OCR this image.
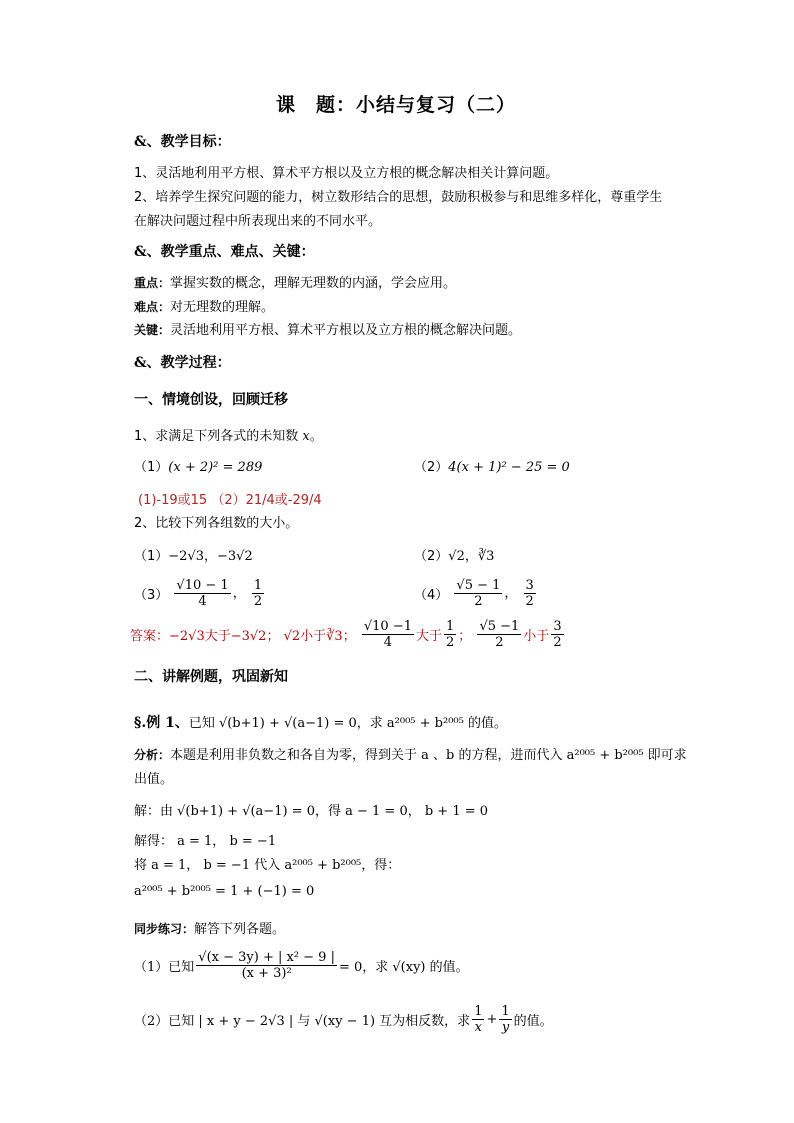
课　题：小结与复习（二）
&、教学目标：
1、灵活地利用平方根、算术平方根以及立方根的概念解决相关计算问题。
2、培养学生探究问题的能力，树立数形结合的思想，鼓励积极参与和思维多样化，尊重学生
在解决问题过程中所表现出来的不同水平。
&、教学重点、难点、关键：
重点：掌握实数的概念，理解无理数的内涵，学会应用。
难点：对无理数的理解。
关键：灵活地利用平方根、算术平方根以及立方根的概念解决问题。
&、教学过程：
一、情境创设，回顾迁移
1、求满足下列各式的未知数 x。
（1）(x + 2)² = 289	（2）4(x + 1)² − 25 = 0
(1)-19或15 （2）21/4或-29/4
2、比较下列各组数的大小。
（1）−2√3，−3√2	（2）√2，∛3
$(3) \frac{√10 - 1}{4}$ ， $\frac{1}{2}$	$(4) \frac{√5 - 1}{2}$ ， $\frac{3}{2}$
答案：−2√3大于−3√2； √2小于∛3； $\frac{√10 -1}{4}$ 大于 $\frac{1}{2}$ ； $\frac{√5 -1}{2}$ 小于 $\frac{3}{2}$
二、讲解例题，巩固新知
§.例 1、已知 √(b+1) + √(a−1) = 0，求 a²⁰⁰⁵ + b²⁰⁰⁵ 的值。
分析：本题是利用非负数之和各自为零，得到关于 a 、b 的方程，进而代入 a²⁰⁰⁵ + b²⁰⁰⁵ 即可求
出值。
解：由 √(b+1) + √(a−1) = 0，得 a − 1 = 0， b + 1 = 0
解得： a = 1， b = −1
将 a = 1， b = −1 代入 a²⁰⁰⁵ + b²⁰⁰⁵，得：
a²⁰⁰⁵ + b²⁰⁰⁵ = 1 + (−1) = 0
同步练习：解答下列各题。
（1）已知 $\frac{\text{√(x − 3y) + | x² − 9 |}}{\text{(x + 3)²}} = 0$，求 √(xy) 的值。
（2）已知 | x + y − 2√3 | 与 √(xy − 1) 互为相反数，求 $\frac{1}{x} + \frac{1}{y}$ 的值。
